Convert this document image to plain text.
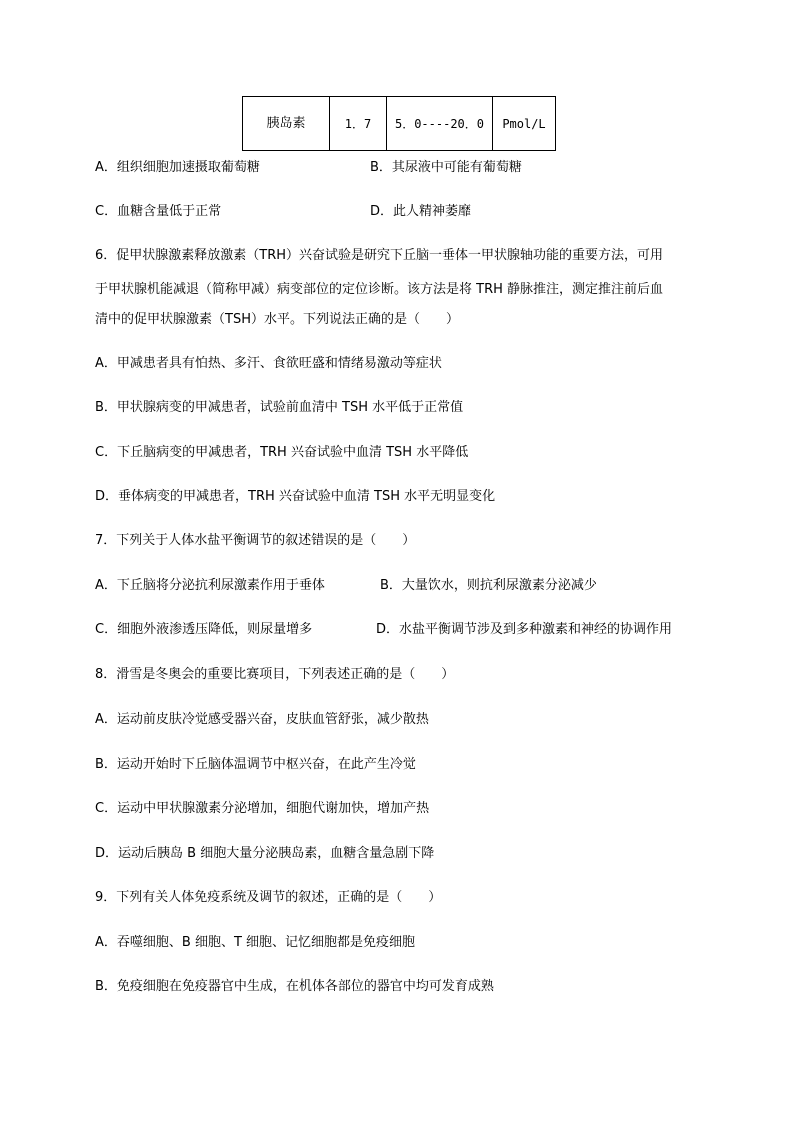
胰岛素	1．7	5．0----20．0	Pmol/L
A．组织细胞加速摄取葡萄糖	B．其尿液中可能有葡萄糖
C．血糖含量低于正常	D．此人精神萎靡
6．促甲状腺激素释放激素（TRH）兴奋试验是研究下丘脑一垂体一甲状腺轴功能的重要方法，可用
于甲状腺机能减退（简称甲减）病变部位的定位诊断。该方法是将 TRH 静脉推注，测定推注前后血
清中的促甲状腺激素（TSH）水平。下列说法正确的是（　　）
A．甲减患者具有怕热、多汗、食欲旺盛和情绪易激动等症状
B．甲状腺病变的甲减患者，试验前血清中 TSH 水平低于正常值
C．下丘脑病变的甲减患者，TRH 兴奋试验中血清 TSH 水平降低
D．垂体病变的甲减患者，TRH 兴奋试验中血清 TSH 水平无明显变化
7．下列关于人体水盐平衡调节的叙述错误的是（　　）
A．下丘脑将分泌抗利尿激素作用于垂体	B．大量饮水，则抗利尿激素分泌减少
C．细胞外液渗透压降低，则尿量增多	D．水盐平衡调节涉及到多种激素和神经的协调作用
8．滑雪是冬奥会的重要比赛项目，下列表述正确的是（　　）
A．运动前皮肤冷觉感受器兴奋，皮肤血管舒张，减少散热
B．运动开始时下丘脑体温调节中枢兴奋，在此产生冷觉
C．运动中甲状腺激素分泌增加，细胞代谢加快，增加产热
D．运动后胰岛 B 细胞大量分泌胰岛素，血糖含量急剧下降
9．下列有关人体免疫系统及调节的叙述，正确的是（　　）
A．吞噬细胞、B 细胞、T 细胞、记忆细胞都是免疫细胞
B．免疫细胞在免疫器官中生成，在机体各部位的器官中均可发育成熟
